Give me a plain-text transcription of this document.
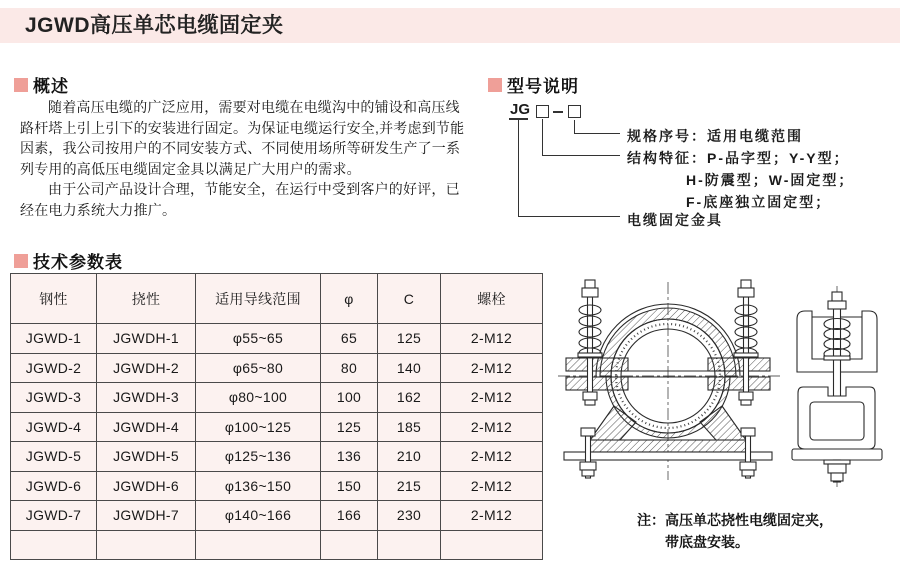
JGWD高压单芯电缆固定夹
概述

随着高压电缆的广泛应用，需要对电缆在电缆沟中的铺设和高压线路杆塔上引上引下的安装进行固定。为保证电缆运行安全,并考虑到节能因素，我公司按用户的不同安装方式、不同使用场所等研发生产了一系列专用的高低压电缆固定金具以满足广大用户的需求。

由于公司产品设计合理，节能安全，在运行中受到客户的好评，已经在电力系统大力推广。

型号说明
JG
规格序号：适用电缆范围
结构特征：P-品字型；Y-Y型；
H-防震型；W-固定型；
F-底座独立固定型；
电缆固定金具
技术参数表
钢性	挠性	适用导线范围	φ	C	螺栓
JGWD-1	JGWDH-1	φ55~65	65	125	2-M12
JGWD-2	JGWDH-2	φ65~80	80	140	2-M12
JGWD-3	JGWDH-3	φ80~100	100	162	2-M12
JGWD-4	JGWDH-4	φ100~125	125	185	2-M12
JGWD-5	JGWDH-5	φ125~136	136	210	2-M12
JGWD-6	JGWDH-6	φ136~150	150	215	2-M12
JGWD-7	JGWDH-7	φ140~166	166	230	2-M12
						注：高压单芯挠性电缆固定夹，
带底盘安装。
